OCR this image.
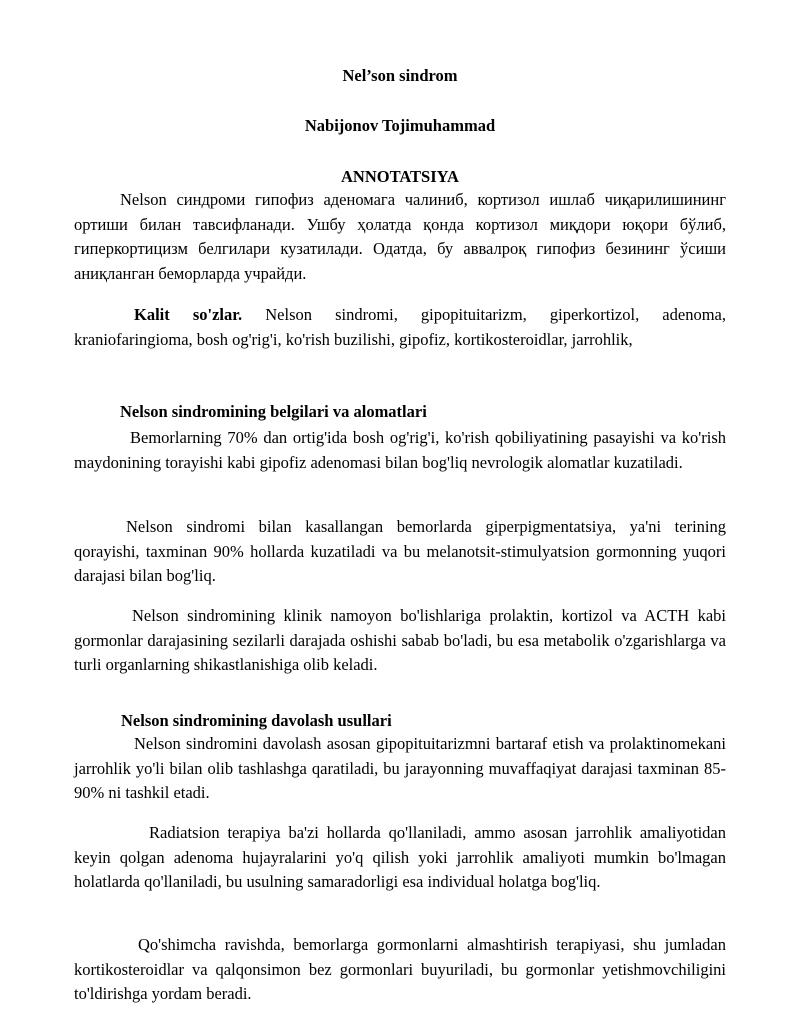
Nel’son sindrom
Nabijonov Tojimuhammad
ANNOTATSIYA

Nelson синдроми гипофиз аденомага чалиниб, кортизол ишлаб чиқарилишининг ортиши билан тавсифланади. Ушбу ҳолатда қонда кортизол миқдори юқори бўлиб, гиперкортицизм белгилари кузатилади. Одатда, бу аввалроқ гипофиз безининг ўсиши аниқланган беморларда учрайди.

Kalit so'zlar. Nelson sindromi, gipopituitarizm, giperkortizol, adenoma, kraniofaringioma, bosh og'rig'i, ko'rish buzilishi, gipofiz, kortikosteroidlar, jarrohlik,

Nelson sindromining belgilari va alomatlari

Bemorlarning 70% dan ortig'ida bosh og'rig'i, ko'rish qobiliyatining pasayishi va ko'rish maydonining torayishi kabi gipofiz adenomasi bilan bog'liq nevrologik alomatlar kuzatiladi.

Nelson sindromi bilan kasallangan bemorlarda giperpigmentatsiya, ya'ni terining qorayishi, taxminan 90% hollarda kuzatiladi va bu melanotsit-stimulyatsion gormonning yuqori darajasi bilan bog'liq.

Nelson sindromining klinik namoyon bo'lishlariga prolaktin, kortizol va ACTH kabi gormonlar darajasining sezilarli darajada oshishi sabab bo'ladi, bu esa metabolik o'zgarishlarga va turli organlarning shikastlanishiga olib keladi.

Nelson sindromining davolash usullari

Nelson sindromini davolash asosan gipopituitarizmni bartaraf etish va prolaktinomekani jarrohlik yo'li bilan olib tashlashga qaratiladi, bu jarayonning muvaffaqiyat darajasi taxminan 85-90% ni tashkil etadi.

Radiatsion terapiya ba'zi hollarda qo'llaniladi, ammo asosan jarrohlik amaliyotidan keyin qolgan adenoma hujayralarini yo'q qilish yoki jarrohlik amaliyoti mumkin bo'lmagan holatlarda qo'llaniladi, bu usulning samaradorligi esa individual holatga bog'liq.

Qo'shimcha ravishda, bemorlarga gormonlarni almashtirish terapiyasi, shu jumladan kortikosteroidlar va qalqonsimon bez gormonlari buyuriladi, bu gormonlar yetishmovchiligini to'ldirishga yordam beradi.
